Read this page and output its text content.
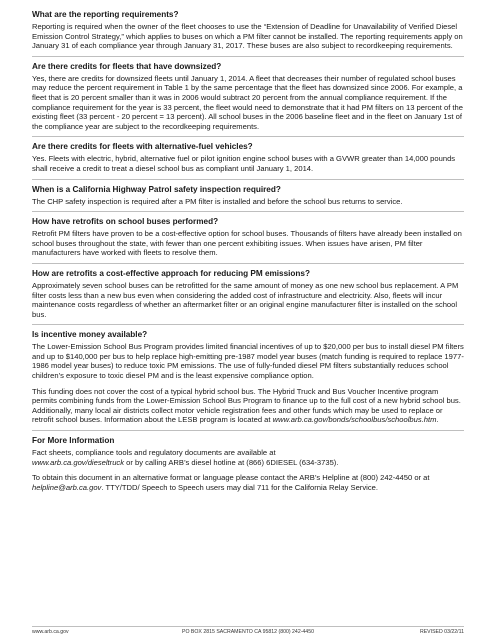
What are the reporting requirements?

Reporting is required when the owner of the fleet chooses to use the “Extension of Deadline for Unavailability of Verified Diesel Emission Control Strategy,” which applies to buses on which a PM filter cannot be installed. The reporting requirements apply on January 31 of each compliance year through January 31, 2017. These buses are also subject to recordkeeping requirements.

Are there credits for fleets that have downsized?

Yes, there are credits for downsized fleets until January 1, 2014. A fleet that decreases their number of regulated school buses may reduce the percent requirement in Table 1 by the same percentage that the fleet has downsized since 2006. For example, a fleet that is 20 percent smaller than it was in 2006 would subtract 20 percent from the annual compliance requirement. If the compliance requirement for the year is 33 percent, the fleet would need to demonstrate that it had PM filters on 13 percent of the existing fleet (33 percent - 20 percent = 13 percent). All school buses in the 2006 baseline fleet and in the fleet on January 1st of the compliance year are subject to the recordkeeping requirements.

Are there credits for fleets with alternative-fuel vehicles?

Yes. Fleets with electric, hybrid, alternative fuel or pilot ignition engine school buses with a GVWR greater than 14,000 pounds shall receive a credit to treat a diesel school bus as compliant until January 1, 2014.

When is a California Highway Patrol safety inspection required?

The CHP safety inspection is required after a PM filter is installed and before the school bus returns to service.

How have retrofits on school buses performed?

Retrofit PM filters have proven to be a cost-effective option for school buses. Thousands of filters have already been installed on school buses throughout the state, with fewer than one percent exhibiting issues. When issues have arisen, PM filter manufacturers have worked with fleets to resolve them.

How are retrofits a cost-effective approach for reducing PM emissions?

Approximately seven school buses can be retrofitted for the same amount of money as one new school bus replacement. A PM filter costs less than a new bus even when considering the added cost of infrastructure and electricity. Also, fleets will incur maintenance costs regardless of whether an aftermarket filter or an original engine manufacturer filter is installed on the school bus.

Is incentive money available?

The Lower-Emission School Bus Program provides limited financial incentives of up to $20,000 per bus to install diesel PM filters and up to $140,000 per bus to help replace high-emitting pre-1987 model year buses (match funding is required to replace 1977-1986 model year buses) to reduce toxic PM emissions. The use of fully-funded diesel PM filters substantially reduces school children’s exposure to toxic diesel PM and is the least expensive compliance option.

This funding does not cover the cost of a typical hybrid school bus. The Hybrid Truck and Bus Voucher Incentive program permits combining funds from the Lower-Emission School Bus Program to finance up to the full cost of a new hybrid school bus. Additionally, many local air districts collect motor vehicle registration fees and other funds which may be used to replace or retrofit school buses. Information about the LESB program is located at www.arb.ca.gov/bonds/schoolbus/schoolbus.htm.

For More Information

Fact sheets, compliance tools and regulatory documents are available at
www.arb.ca.gov/dieseltruck or by calling ARB’s diesel hotline at (866) 6DIESEL (634-3735).

To obtain this document in an alternative format or language please contact the ARB’s Helpline at (800) 242-4450 or at helpline@arb.ca.gov. TTY/TDD/ Speech to Speech users may dial 711 for the California Relay Service.

www.arb.ca.gov	PO BOX 2815 SACRAMENTO CA 95812 (800) 242-4450	REVISED 03/22/11
